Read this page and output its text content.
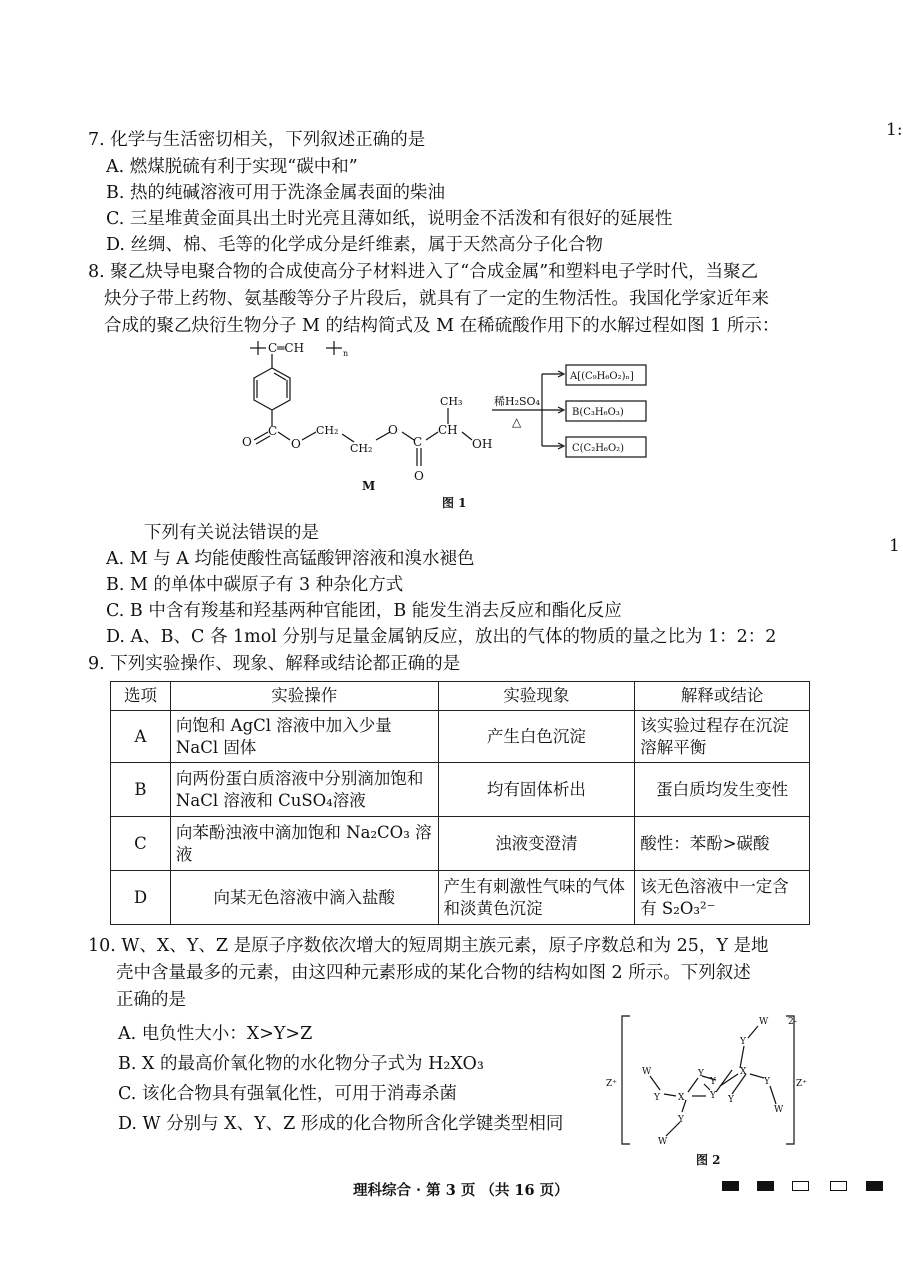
1:
1
7. 化学与生活密切相关，下列叙述正确的是
A. 燃煤脱硫有利于实现“碳中和”
B. 热的纯碱溶液可用于洗涤金属表面的柴油
C. 三星堆黄金面具出土时光亮且薄如纸，说明金不活泼和有很好的延展性
D. 丝绸、棉、毛等的化学成分是纤维素，属于天然高分子化合物
8. 聚乙炔导电聚合物的合成使高分子材料进入了“合成金属”和塑料电子学时代，当聚乙
炔分子带上药物、氨基酸等分子片段后，就具有了一定的生物活性。我国化学家近年来
合成的聚乙炔衍生物分子 M 的结构简式及 M 在稀硫酸作用下的水解过程如图 1 所示：
C═CH	n
C
O	O
CH₂
CH₂
O
C
O
CH
CH₃
OH
M
稀H₂SO₄
△
A[(C₉H₆O₂)ₙ]
B(C₃H₆O₃)
C(C₂H₆O₂)
图 1
下列有关说法错误的是
A. M 与 A 均能使酸性高锰酸钾溶液和溴水褪色
B. M 的单体中碳原子有 3 种杂化方式
C. B 中含有羧基和羟基两种官能团，B 能发生消去反应和酯化反应
D. A、B、C 各 1mol 分别与足量金属钠反应，放出的气体的物质的量之比为 1：2：2
9. 下列实验操作、现象、解释或结论都正确的是
选项	实验操作	实验现象	解释或结论
A	向饱和 AgCl 溶液中加入少量 NaCl 固体	产生白色沉淀	该实验过程存在沉淀溶解平衡
B	向两份蛋白质溶液中分别滴加饱和 NaCl 溶液和 CuSO₄溶液	均有固体析出	蛋白质均发生变性
C	向苯酚浊液中滴加饱和 Na₂CO₃ 溶液	浊液变澄清	酸性：苯酚>碳酸
D	向某无色溶液中滴入盐酸	产生有刺激性气味的气体和淡黄色沉淀	该无色溶液中一定含有 S₂O₃²⁻
10. W、X、Y、Z 是原子序数依次增大的短周期主族元素，原子序数总和为 25，Y 是地
壳中含量最多的元素，由这四种元素形成的某化合物的结构如图 2 所示。下列叙述
正确的是
A. 电负性大小：X>Y>Z
B. X 的最高价氧化物的水化物分子式为 H₂XO₃
C. 该化合物具有强氧化性，可用于消毒杀菌
D. W 分别与 X、Y、Z 形成的化合物所含化学键类型相同
2-
Z⁺	Z⁺
W
Y X
Y
Y
Y
X
Y
W
Y
Y
W
Y
W
图 2
理科综合 · 第 3 页 （共 16 页）
